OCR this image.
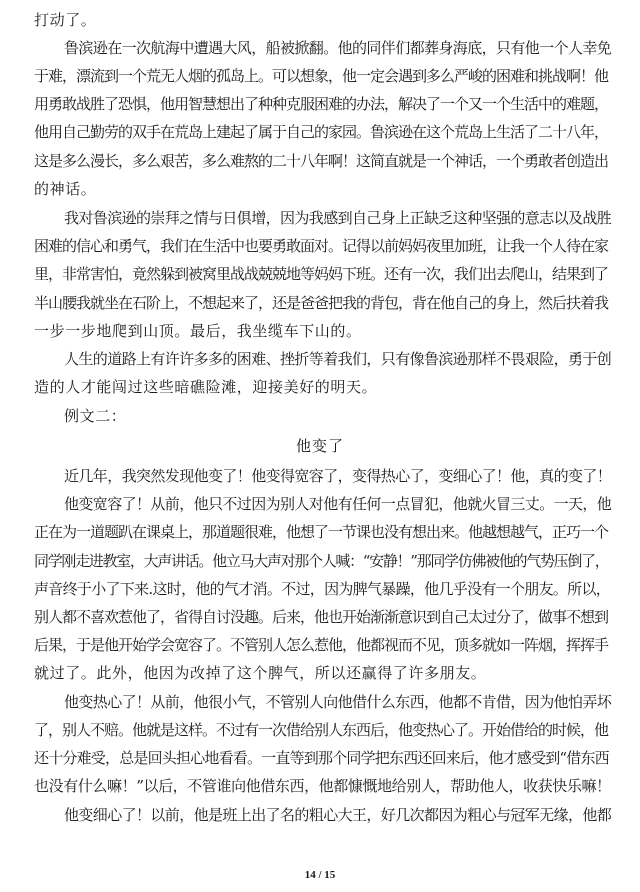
打动了。
鲁滨逊在一次航海中遭遇大风，船被掀翻。他的同伴们都葬身海底，只有他一个人幸免
于难，漂流到一个荒无人烟的孤岛上。可以想象，他一定会遇到多么严峻的困难和挑战啊！他
用勇敢战胜了恐惧，他用智慧想出了种种克服困难的办法，解决了一个又一个生活中的难题，
他用自己勤劳的双手在荒岛上建起了属于自己的家园。鲁滨逊在这个荒岛上生活了二十八年，
这是多么漫长，多么艰苦，多么难熬的二十八年啊！这简直就是一个神话，一个勇敢者创造出
的神话。
我对鲁滨逊的崇拜之情与日俱增，因为我感到自己身上正缺乏这种坚强的意志以及战胜
困难的信心和勇气，我们在生活中也要勇敢面对。记得以前妈妈夜里加班，让我一个人待在家
里，非常害怕，竟然躲到被窝里战战兢兢地等妈妈下班。还有一次，我们出去爬山，结果到了
半山腰我就坐在石阶上，不想起来了，还是爸爸把我的背包，背在他自己的身上，然后扶着我
一步一步地爬到山顶。最后，我坐缆车下山的。
人生的道路上有许许多多的困难、挫折等着我们，只有像鲁滨逊那样不畏艰险，勇于创
造的人才能闯过这些暗礁险滩，迎接美好的明天。
例文二：
他变了
近几年，我突然发现他变了！他变得宽容了，变得热心了，变细心了！他，真的变了！
他变宽容了！从前，他只不过因为别人对他有任何一点冒犯，他就火冒三丈。一天，他
正在为一道题趴在课桌上，那道题很难，他想了一节课也没有想出来。他越想越气，正巧一个
同学刚走进教室，大声讲话。他立马大声对那个人喊：“安静！”那同学仿佛被他的气势压倒了，
声音终于小了下来.这时，他的气才消。不过，因为脾气暴躁，他几乎没有一个朋友。所以，
别人都不喜欢惹他了，省得自讨没趣。后来，他也开始渐渐意识到自己太过分了，做事不想到
后果，于是他开始学会宽容了。不管别人怎么惹他，他都视而不见，顶多就如一阵烟，挥挥手
就过了。此外，他因为改掉了这个脾气，所以还赢得了许多朋友。
他变热心了！从前，他很小气，不管别人向他借什么东西，他都不肯借，因为他怕弄坏
了，别人不赔。他就是这样。不过有一次借给别人东西后，他变热心了。开始借给的时候，他
还十分难受，总是回头担心地看看。一直等到那个同学把东西还回来后，他才感受到“借东西
也没有什么嘛！”以后，不管谁向他借东西，他都慷慨地给别人，帮助他人，收获快乐嘛！
他变细心了！以前，他是班上出了名的粗心大王，好几次都因为粗心与冠军无缘，他都
14 / 15
